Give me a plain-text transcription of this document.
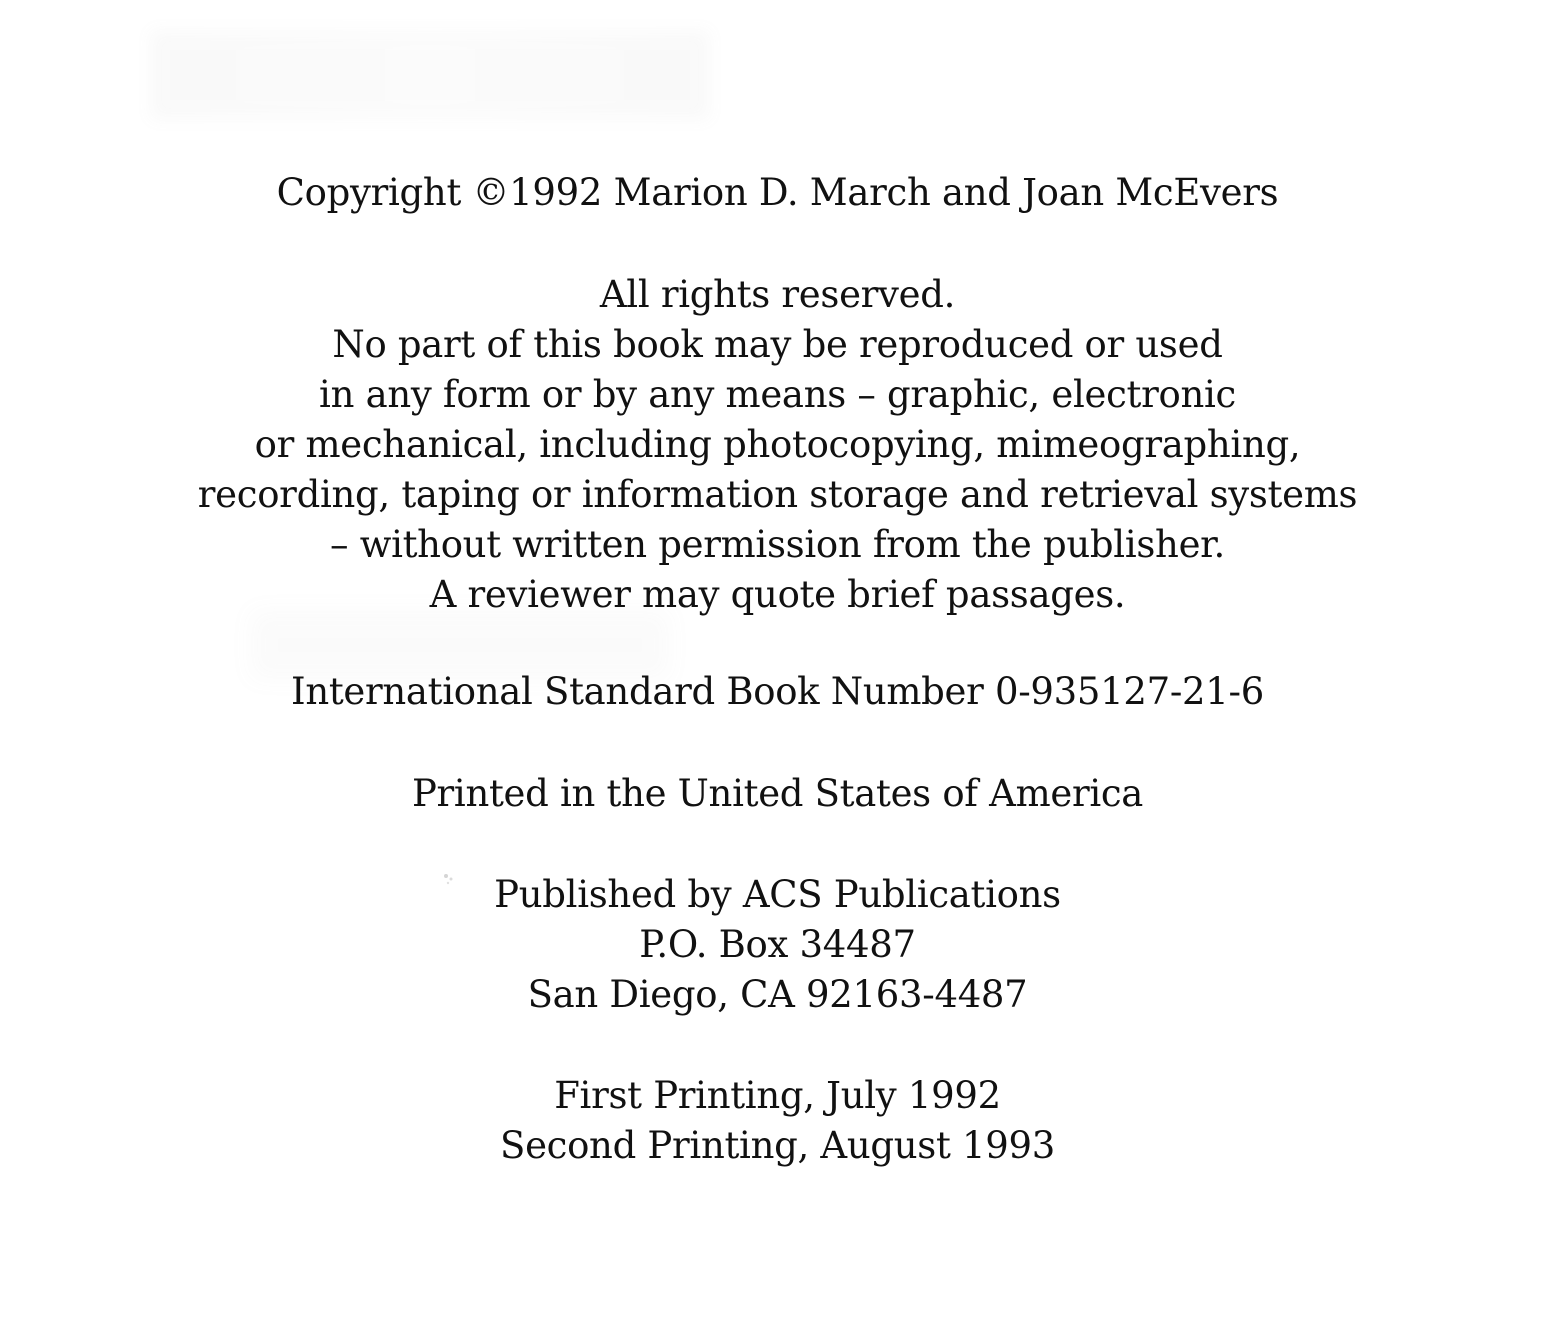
Copyright ©1992 Marion D. March and Joan McEvers
All rights reserved.
No part of this book may be reproduced or used
in any form or by any means – graphic, electronic
or mechanical, including photocopying, mimeographing,
recording, taping or information storage and retrieval systems
– without written permission from the publisher.
A reviewer may quote brief passages.
International Standard Book Number 0-935127-21-6
Printed in the United States of America
Published by ACS Publications
P.O. Box 34487
San Diego, CA 92163-4487
First Printing, July 1992
Second Printing, August 1993
